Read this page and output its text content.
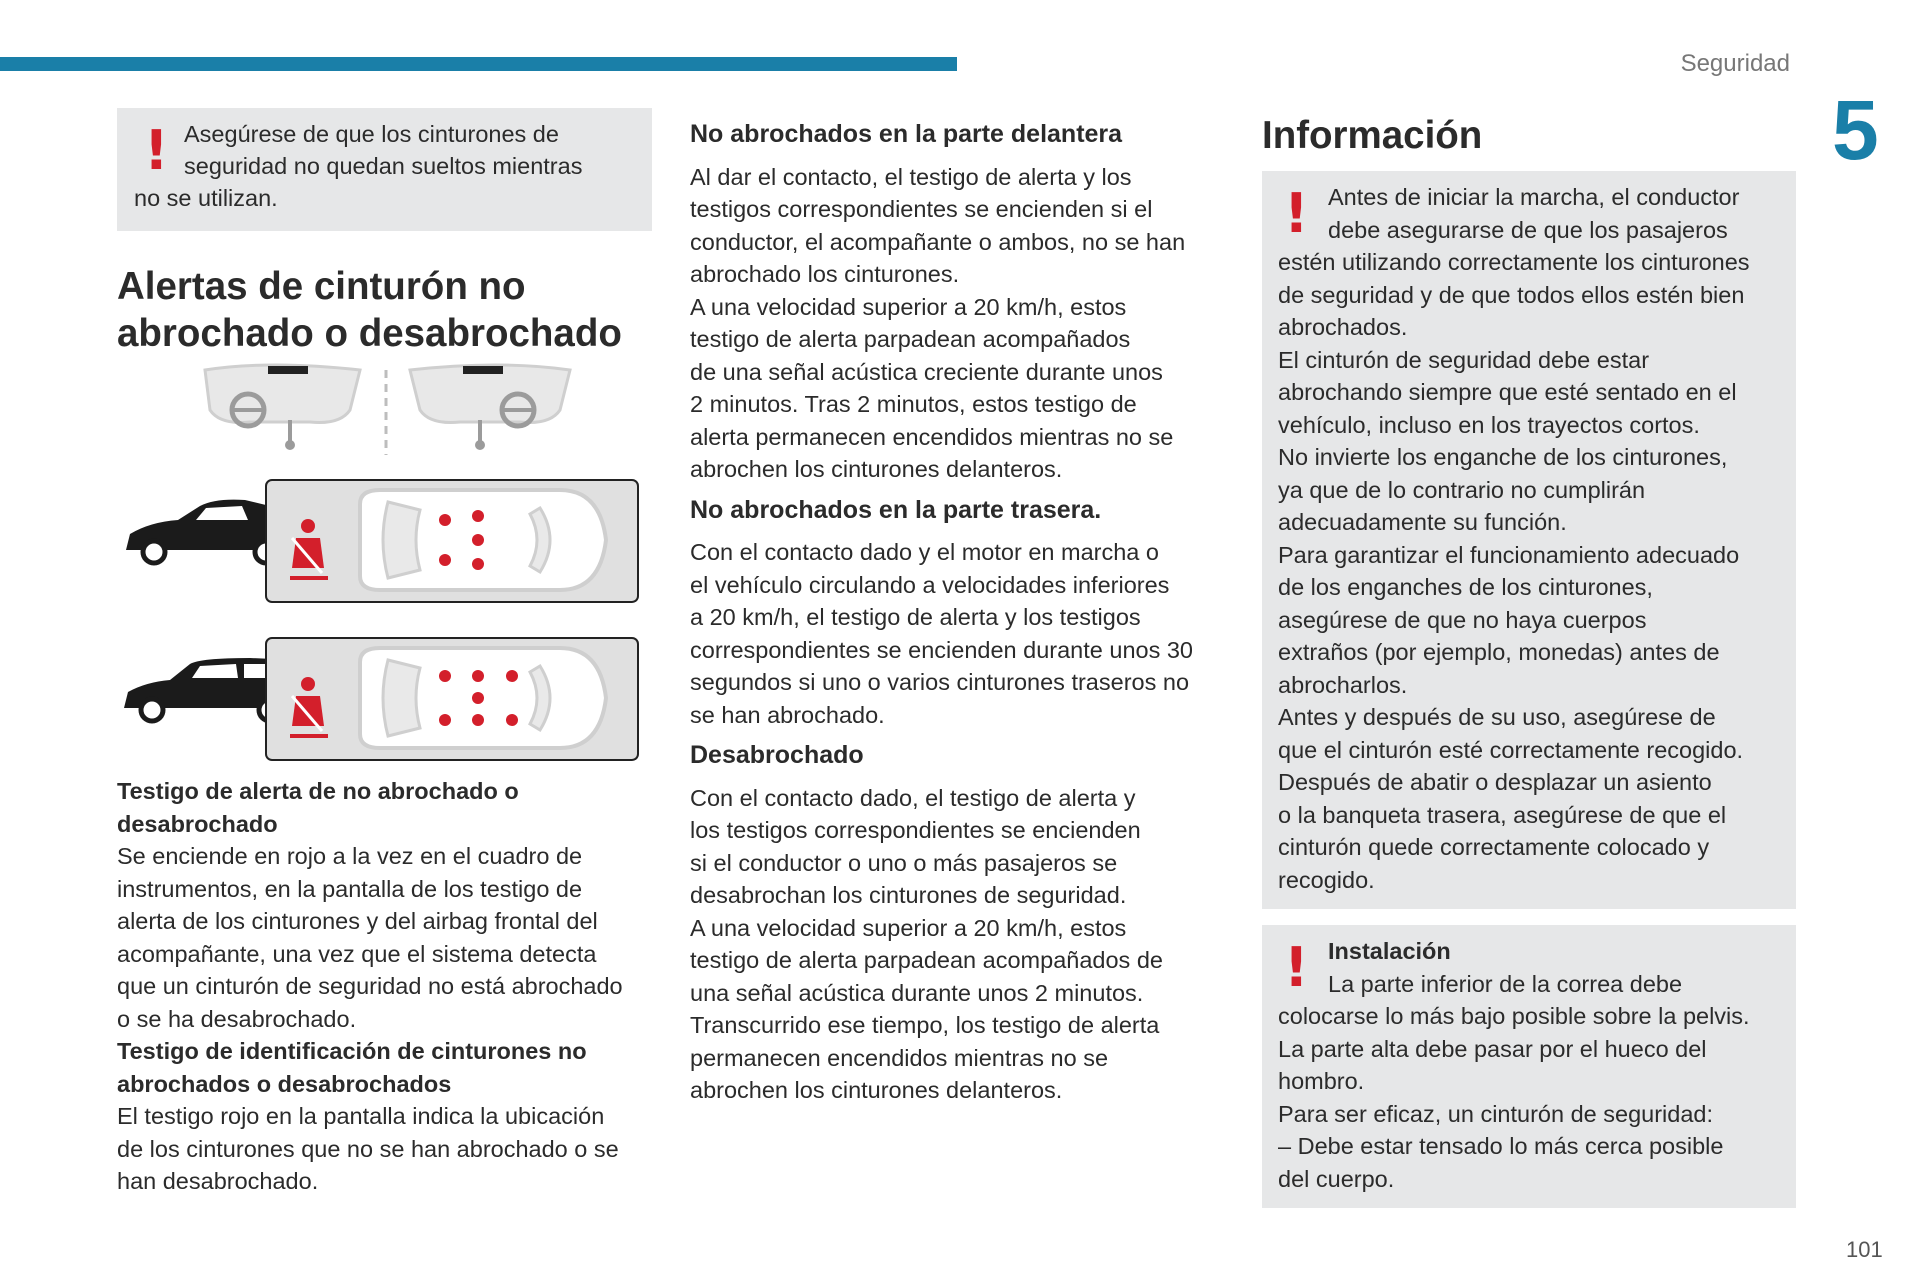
Seguridad
5
101
! Asegúrese de que los cinturones de
seguridad no quedan sueltos mientras
no se utilizan.
Alertas de cinturón no
abrochado o desabrochado
Testigo de alerta de no abrochado o
desabrochado
Se enciende en rojo a la vez en el cuadro de
instrumentos, en la pantalla de los testigo de
alerta de los cinturones y del airbag frontal del
acompañante, una vez que el sistema detecta
que un cinturón de seguridad no está abrochado
o se ha desabrochado.
Testigo de identificación de cinturones no
abrochados o desabrochados
El testigo rojo en la pantalla indica la ubicación
de los cinturones que no se han abrochado o se
han desabrochado.
No abrochados en la parte delantera
Al dar el contacto, el testigo de alerta y los
testigos correspondientes se encienden si el
conductor, el acompañante o ambos, no se han
abrochado los cinturones.
A una velocidad superior a 20 km/h, estos
testigo de alerta parpadean acompañados
de una señal acústica creciente durante unos
2 minutos. Tras 2 minutos, estos testigo de
alerta permanecen encendidos mientras no se
abrochen los cinturones delanteros.
No abrochados en la parte trasera.
Con el contacto dado y el motor en marcha o
el vehículo circulando a velocidades inferiores
a 20 km/h, el testigo de alerta y los testigos
correspondientes se encienden durante unos 30
segundos si uno o varios cinturones traseros no
se han abrochado.
Desabrochado
Con el contacto dado, el testigo de alerta y
los testigos correspondientes se encienden
si el conductor o uno o más pasajeros se
desabrochan los cinturones de seguridad.
A una velocidad superior a 20 km/h, estos
testigo de alerta parpadean acompañados de
una señal acústica durante unos 2 minutos.
Transcurrido ese tiempo, los testigo de alerta
permanecen encendidos mientras no se
abrochen los cinturones delanteros.
Información
! Antes de iniciar la marcha, el conductor
debe asegurarse de que los pasajeros
estén utilizando correctamente los cinturones
de seguridad y de que todos ellos estén bien
abrochados.
El cinturón de seguridad debe estar
abrochando siempre que esté sentado en el
vehículo, incluso en los trayectos cortos.
No invierte los enganche de los cinturones,
ya que de lo contrario no cumplirán
adecuadamente su función.
Para garantizar el funcionamiento adecuado
de los enganches de los cinturones,
asegúrese de que no haya cuerpos
extraños (por ejemplo, monedas) antes de
abrocharlos.
Antes y después de su uso, asegúrese de
que el cinturón esté correctamente recogido.
Después de abatir o desplazar un asiento
o la banqueta trasera, asegúrese de que el
cinturón quede correctamente colocado y
recogido.
! Instalación
La parte inferior de la correa debe
colocarse lo más bajo posible sobre la pelvis.
La parte alta debe pasar por el hueco del
hombro.
Para ser eficaz, un cinturón de seguridad:
– Debe estar tensado lo más cerca posible
del cuerpo.
